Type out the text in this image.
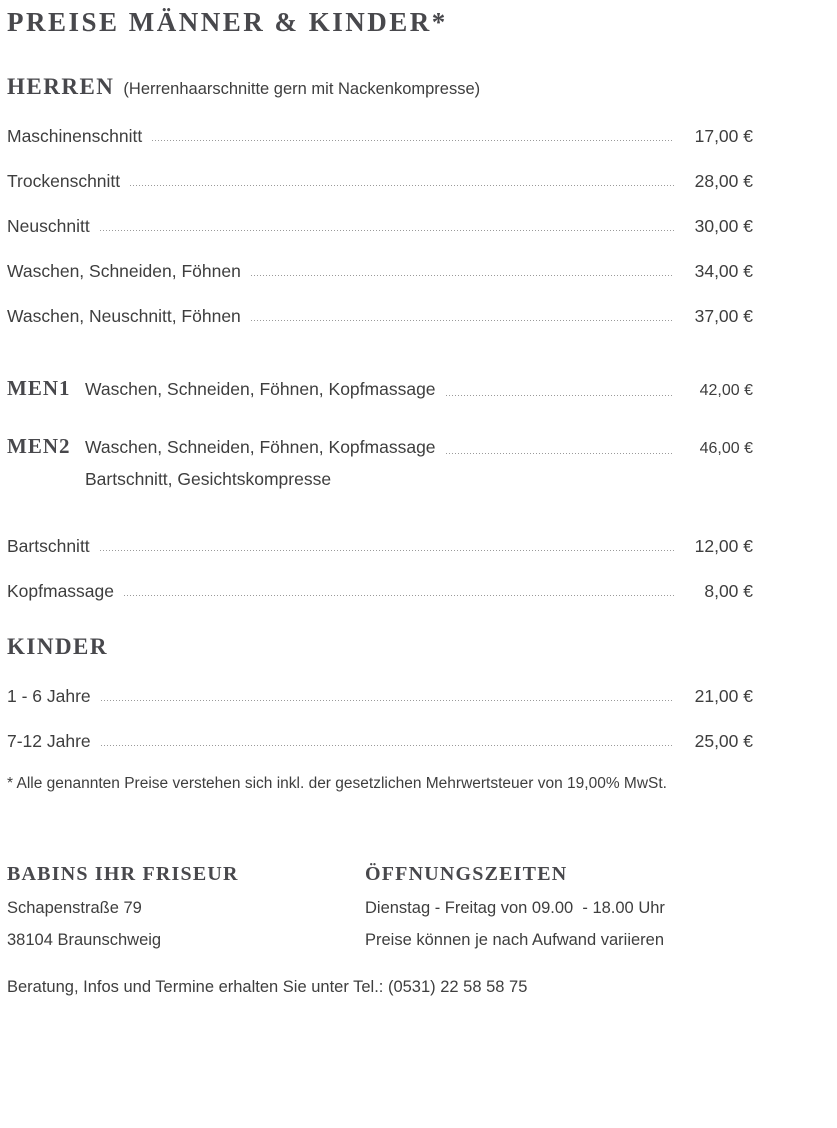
PREISE MÄNNER & KINDER*
HERREN (Herrenhaarschnitte gern mit Nackenkompresse)
Maschinenschnitt	17,00 €
Trockenschnitt	28,00 €
Neuschnitt	30,00 €
Waschen, Schneiden, Föhnen	34,00 €
Waschen, Neuschnitt, Föhnen	37,00 €
MEN1 Waschen, Schneiden, Föhnen, Kopfmassage	42,00 €
MEN2 Waschen, Schneiden, Föhnen, Kopfmassage	46,00 €
Bartschnitt, Gesichtskompresse
Bartschnitt	12,00 €
Kopfmassage	8,00 €
KINDER
1 - 6 Jahre	21,00 €
7-12 Jahre	25,00 €
* Alle genannten Preise verstehen sich inkl. der gesetzlichen Mehrwertsteuer von 19,00% MwSt.
BABINS IHR FRISEUR
Schapenstraße 79
38104 Braunschweig
ÖFFNUNGSZEITEN
Dienstag - Freitag von 09.00  - 18.00 Uhr
Preise können je nach Aufwand variieren
Beratung, Infos und Termine erhalten Sie unter Tel.: (0531) 22 58 58 75
